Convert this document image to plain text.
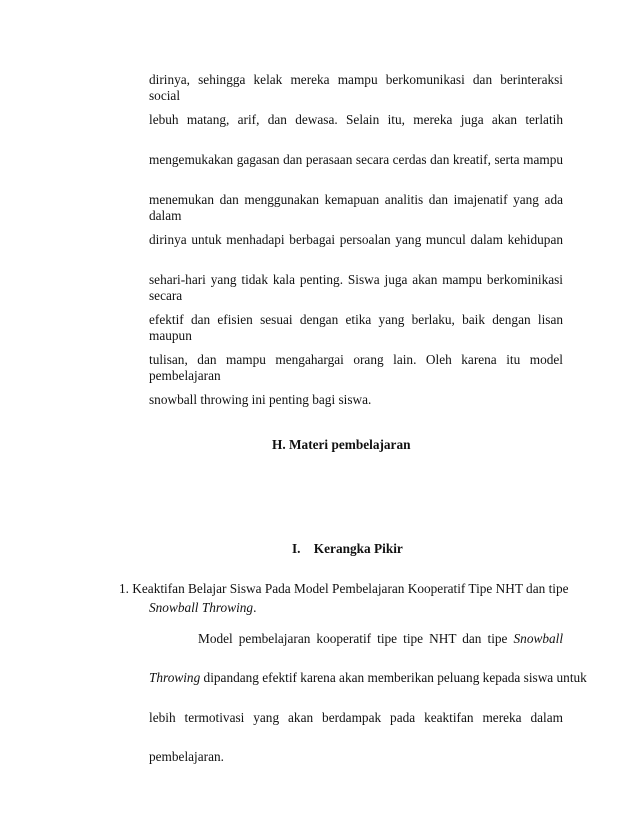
dirinya, sehingga kelak mereka mampu berkomunikasi dan berinteraksi social
lebuh matang, arif, dan dewasa. Selain itu, mereka juga akan terlatih
mengemukakan gagasan dan perasaan secara cerdas dan kreatif, serta mampu
menemukan dan menggunakan kemapuan analitis dan imajenatif yang ada dalam
dirinya untuk menhadapi berbagai persoalan yang muncul dalam kehidupan
sehari-hari yang tidak kala penting. Siswa juga akan mampu berkominikasi secara
efektif dan efisien sesuai dengan etika yang berlaku, baik dengan lisan maupun
tulisan, dan mampu mengahargai orang lain. Oleh karena itu model pembelajaran
snowball throwing ini penting bagi siswa.
H. Materi pembelajaran
I. Kerangka Pikir
1. Keaktifan Belajar Siswa Pada Model Pembelajaran Kooperatif Tipe NHT dan tipe
Snowball Throwing.
Model pembelajaran kooperatif tipe tipe NHT dan tipe Snowball
Throwing dipandang efektif karena akan memberikan peluang kepada siswa untuk
lebih termotivasi yang akan berdampak pada keaktifan mereka dalam
pembelajaran.
